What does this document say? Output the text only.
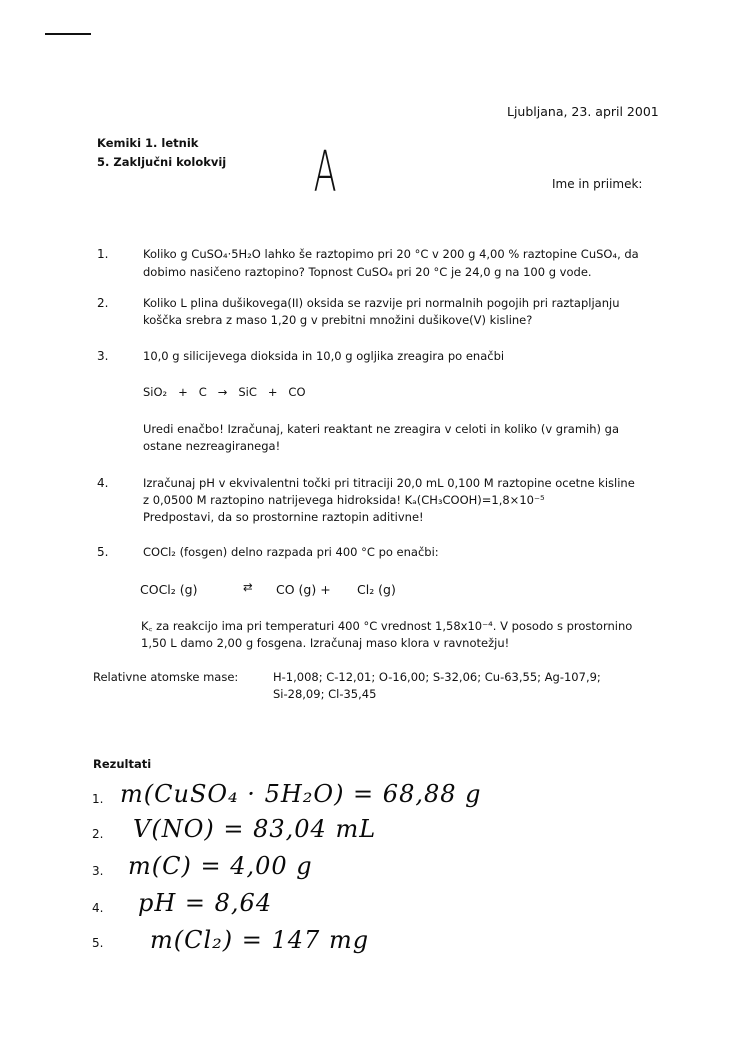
Ljubljana, 23. april 2001
Kemiki 1. letnik
5. Zaključni kolokvij A	Ime in priimek:
1.	Koliko g CuSO₄·5H₂O lahko še raztopimo pri 20 °C v 200 g 4,00 % raztopine CuSO₄, da
dobimo nasičeno raztopino? Topnost CuSO₄ pri 20 °C je 24,0 g na 100 g vode.
2.	Koliko L plina dušikovega(II) oksida se razvije pri normalnih pogojih pri raztapljanju
koščka srebra z maso 1,20 g v prebitni množini dušikove(V) kisline?
3.	10,0 g silicijevega dioksida in 10,0 g ogljika zreagira po enačbi
SiO₂   +   C   →   SiC   +   CO
Uredi enačbo! Izračunaj, kateri reaktant ne zreagira v celoti in koliko (v gramih) ga
ostane nezreagiranega!
4.	Izračunaj pH v ekvivalentni točki pri titraciji 20,0 mL 0,100 M raztopine ocetne kisline
z 0,0500 M raztopino natrijevega hidroksida! Kₐ(CH₃COOH)=1,8×10⁻⁵
Predpostavi, da so prostornine raztopin aditivne!
5.	COCl₂ (fosgen) delno razpada pri 400 °C po enačbi:
COCl₂ (g)	⇄ CO (g) + Cl₂ (g)
K꜀ za reakcijo ima pri temperaturi 400 °C vrednost 1,58x10⁻⁴. V posodo s prostornino
1,50 L damo 2,00 g fosgena. Izračunaj maso klora v ravnotežju!
Relativne atomske mase:	H-1,008; C-12,01; O-16,00; S-32,06; Cu-63,55; Ag-107,9;
Si-28,09; Cl-35,45
Rezultati
1. m(CuSO₄ · 5H₂O) = 68,88 g
2. V(NO) = 83,04 mL
3. m(C) = 4,00 g
4. pH = 8,64
5. m(Cl₂) = 147 mg
